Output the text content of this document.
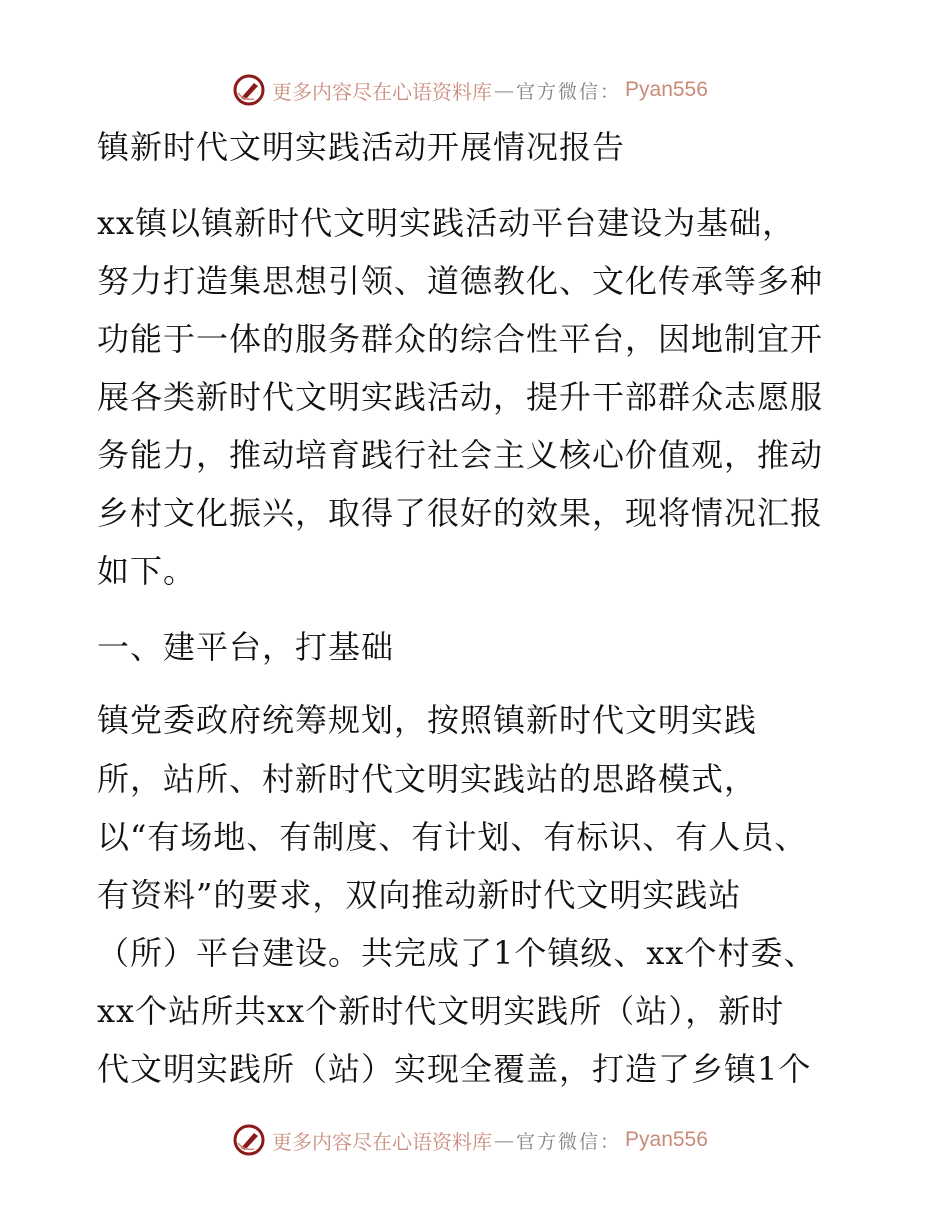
更多内容尽在心语资料库 — 官方微信： Pyan556
镇新时代文明实践活动开展情况报告
xx镇以镇新时代文明实践活动平台建设为基础，
努力打造集思想引领、道德教化、文化传承等多种
功能于一体的服务群众的综合性平台，因地制宜开
展各类新时代文明实践活动，提升干部群众志愿服
务能力，推动培育践行社会主义核心价值观，推动
乡村文化振兴，取得了很好的效果，现将情况汇报
如下。
一、建平台，打基础
镇党委政府统筹规划，按照镇新时代文明实践
所，站所、村新时代文明实践站的思路模式，
以“有场地、有制度、有计划、有标识、有人员、
有资料”的要求，双向推动新时代文明实践站
（所）平台建设。共完成了1个镇级、xx个村委、
xx个站所共xx个新时代文明实践所（站），新时
代文明实践所（站）实现全覆盖，打造了乡镇1个
更多内容尽在心语资料库 — 官方微信： Pyan556
